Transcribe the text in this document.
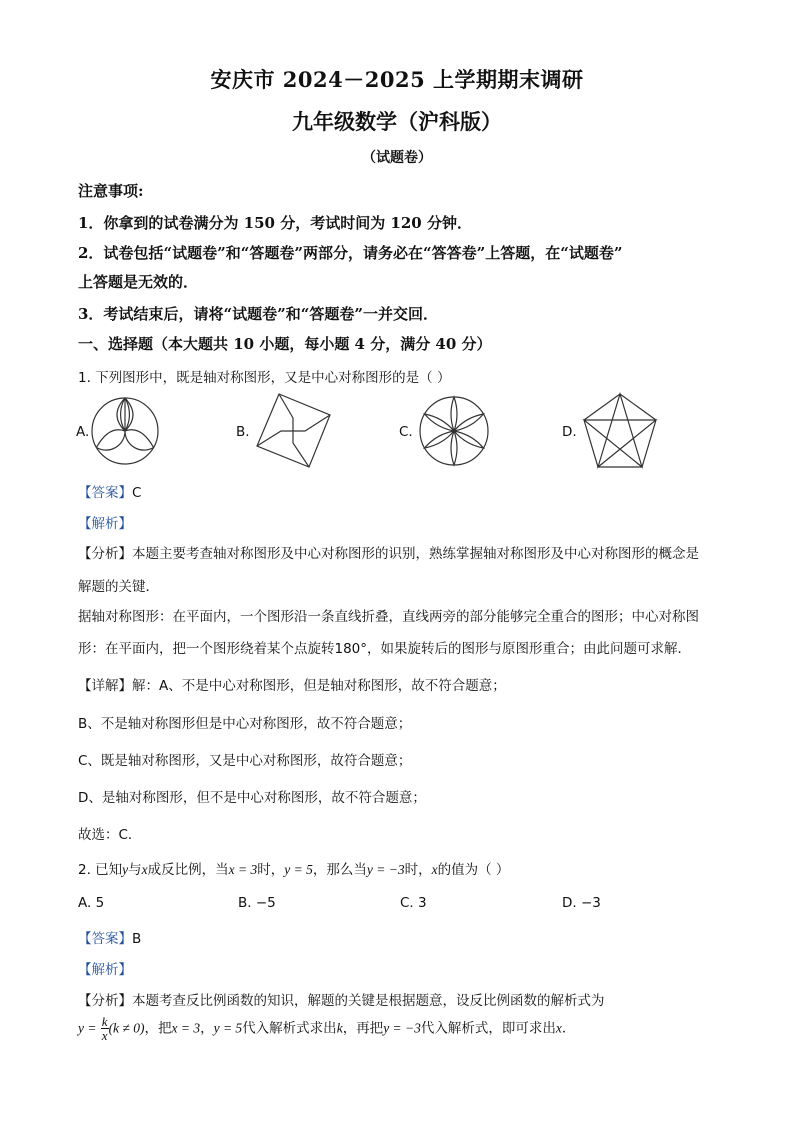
安庆市 2024－2025 上学期期末调研
九年级数学（沪科版）
（试题卷）
注意事项:
1．你拿到的试卷满分为 150 分，考试时间为 120 分钟．
2．试卷包括“试题卷”和“答题卷”两部分，请务必在“答答卷”上答题，在“试题卷”
上答题是无效的．
3．考试结束后，请将“试题卷”和“答题卷”一并交回．
一、选择题（本大题共 10 小题，每小题 4 分，满分 40 分）
1. 下列图形中，既是轴对称图形，又是中心对称图形的是（ ）
A.	B.	C.	D.
【答案】C
【解析】
【分析】本题主要考查轴对称图形及中心对称图形的识别，熟练掌握轴对称图形及中心对称图形的概念是
解题的关键．
据轴对称图形：在平面内，一个图形沿一条直线折叠，直线两旁的部分能够完全重合的图形；中心对称图
形：在平面内，把一个图形绕着某个点旋转180°，如果旋转后的图形与原图形重合；由此问题可求解．
【详解】解：A、不是中心对称图形，但是轴对称图形，故不符合题意；
B、不是轴对称图形但是中心对称图形，故不符合题意；
C、既是轴对称图形，又是中心对称图形，故符合题意；
D、是轴对称图形，但不是中心对称图形，故不符合题意；
故选：C．
2. 已知y与x成反比例，当x = 3时，y = 5，那么当y = −3时，x的值为（ ）
A. 5	B. −5	C. 3	D. −3
【答案】B
【解析】
【分析】本题考查反比例函数的知识，解题的关键是根据题意，设反比例函数的解析式为
$y = \frac{k}{x} (k \ne 0)$，把x = 3，y = 5代入解析式求出k，再把y = −3代入解析式，即可求出x．
